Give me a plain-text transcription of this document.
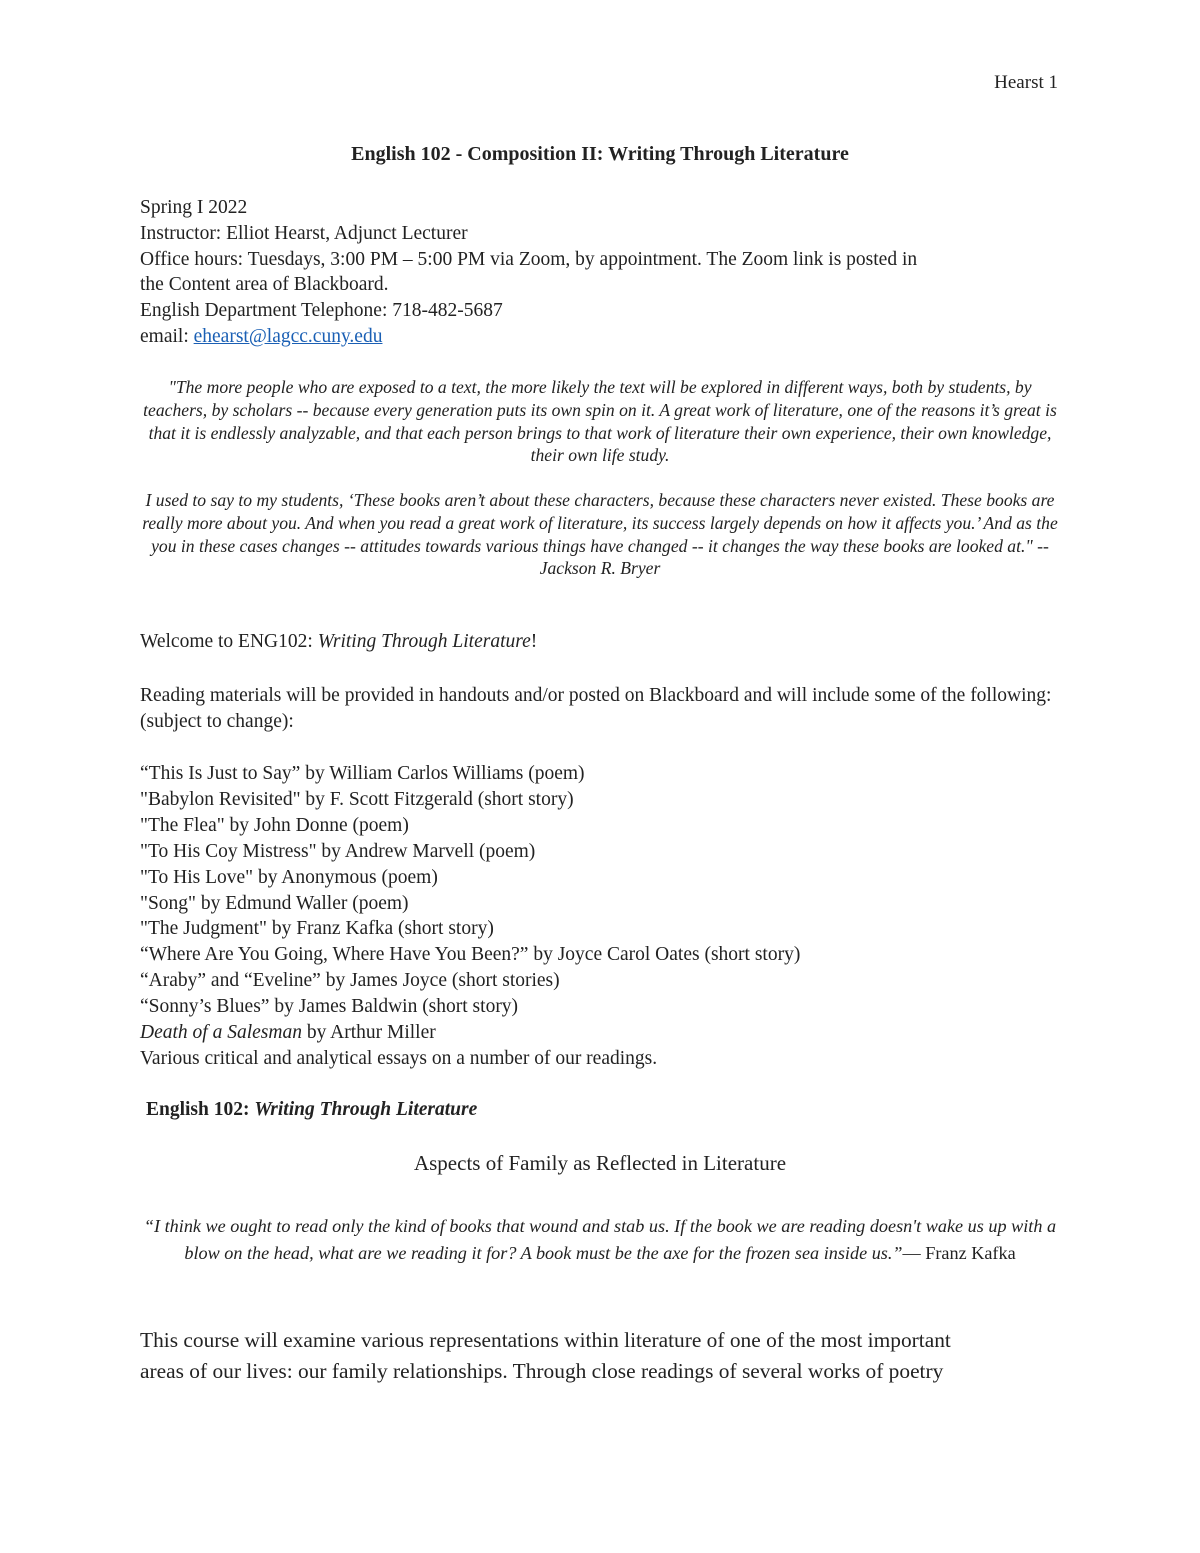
Hearst 1
English 102 - Composition II: Writing Through Literature
Spring I 2022
Instructor: Elliot Hearst, Adjunct Lecturer
Office hours: Tuesdays, 3:00 PM – 5:00 PM via Zoom, by appointment. The Zoom link is posted in
the Content area of Blackboard.
English Department Telephone: 718-482-5687
email: ehearst@lagcc.cuny.edu
"The more people who are exposed to a text, the more likely the text will be explored in different ways, both by students, by teachers, by scholars -- because every generation puts its own spin on it. A great work of literature, one of the reasons it’s great is that it is endlessly analyzable, and that each person brings to that work of literature their own experience, their own knowledge, their own life study.
I used to say to my students, ‘These books aren’t about these characters, because these characters never existed. These books are really more about you. And when you read a great work of literature, its success largely depends on how it affects you.’ And as the you in these cases changes -- attitudes towards various things have changed -- it changes the way these books are looked at." --Jackson R. Bryer
Welcome to ENG102: Writing Through Literature!
Reading materials will be provided in handouts and/or posted on Blackboard and will include some of the following: (subject to change):
“This Is Just to Say” by William Carlos Williams (poem)
"Babylon Revisited" by F. Scott Fitzgerald (short story)
"The Flea" by John Donne (poem)
"To His Coy Mistress" by Andrew Marvell (poem)
"To His Love" by Anonymous (poem)
"Song" by Edmund Waller (poem)
"The Judgment" by Franz Kafka (short story)
“Where Are You Going, Where Have You Been?” by Joyce Carol Oates (short story)
“Araby” and “Eveline” by James Joyce (short stories)
“Sonny’s Blues” by James Baldwin (short story)
Death of a Salesman by Arthur Miller
Various critical and analytical essays on a number of our readings.
English 102: Writing Through Literature
Aspects of Family as Reflected in Literature
“I think we ought to read only the kind of books that wound and stab us. If the book we are reading doesn't wake us up with a blow on the head, what are we reading it for? A book must be the axe for the frozen sea inside us.”— Franz Kafka
This course will examine various representations within literature of one of the most important
areas of our lives: our family relationships. Through close readings of several works of poetry
